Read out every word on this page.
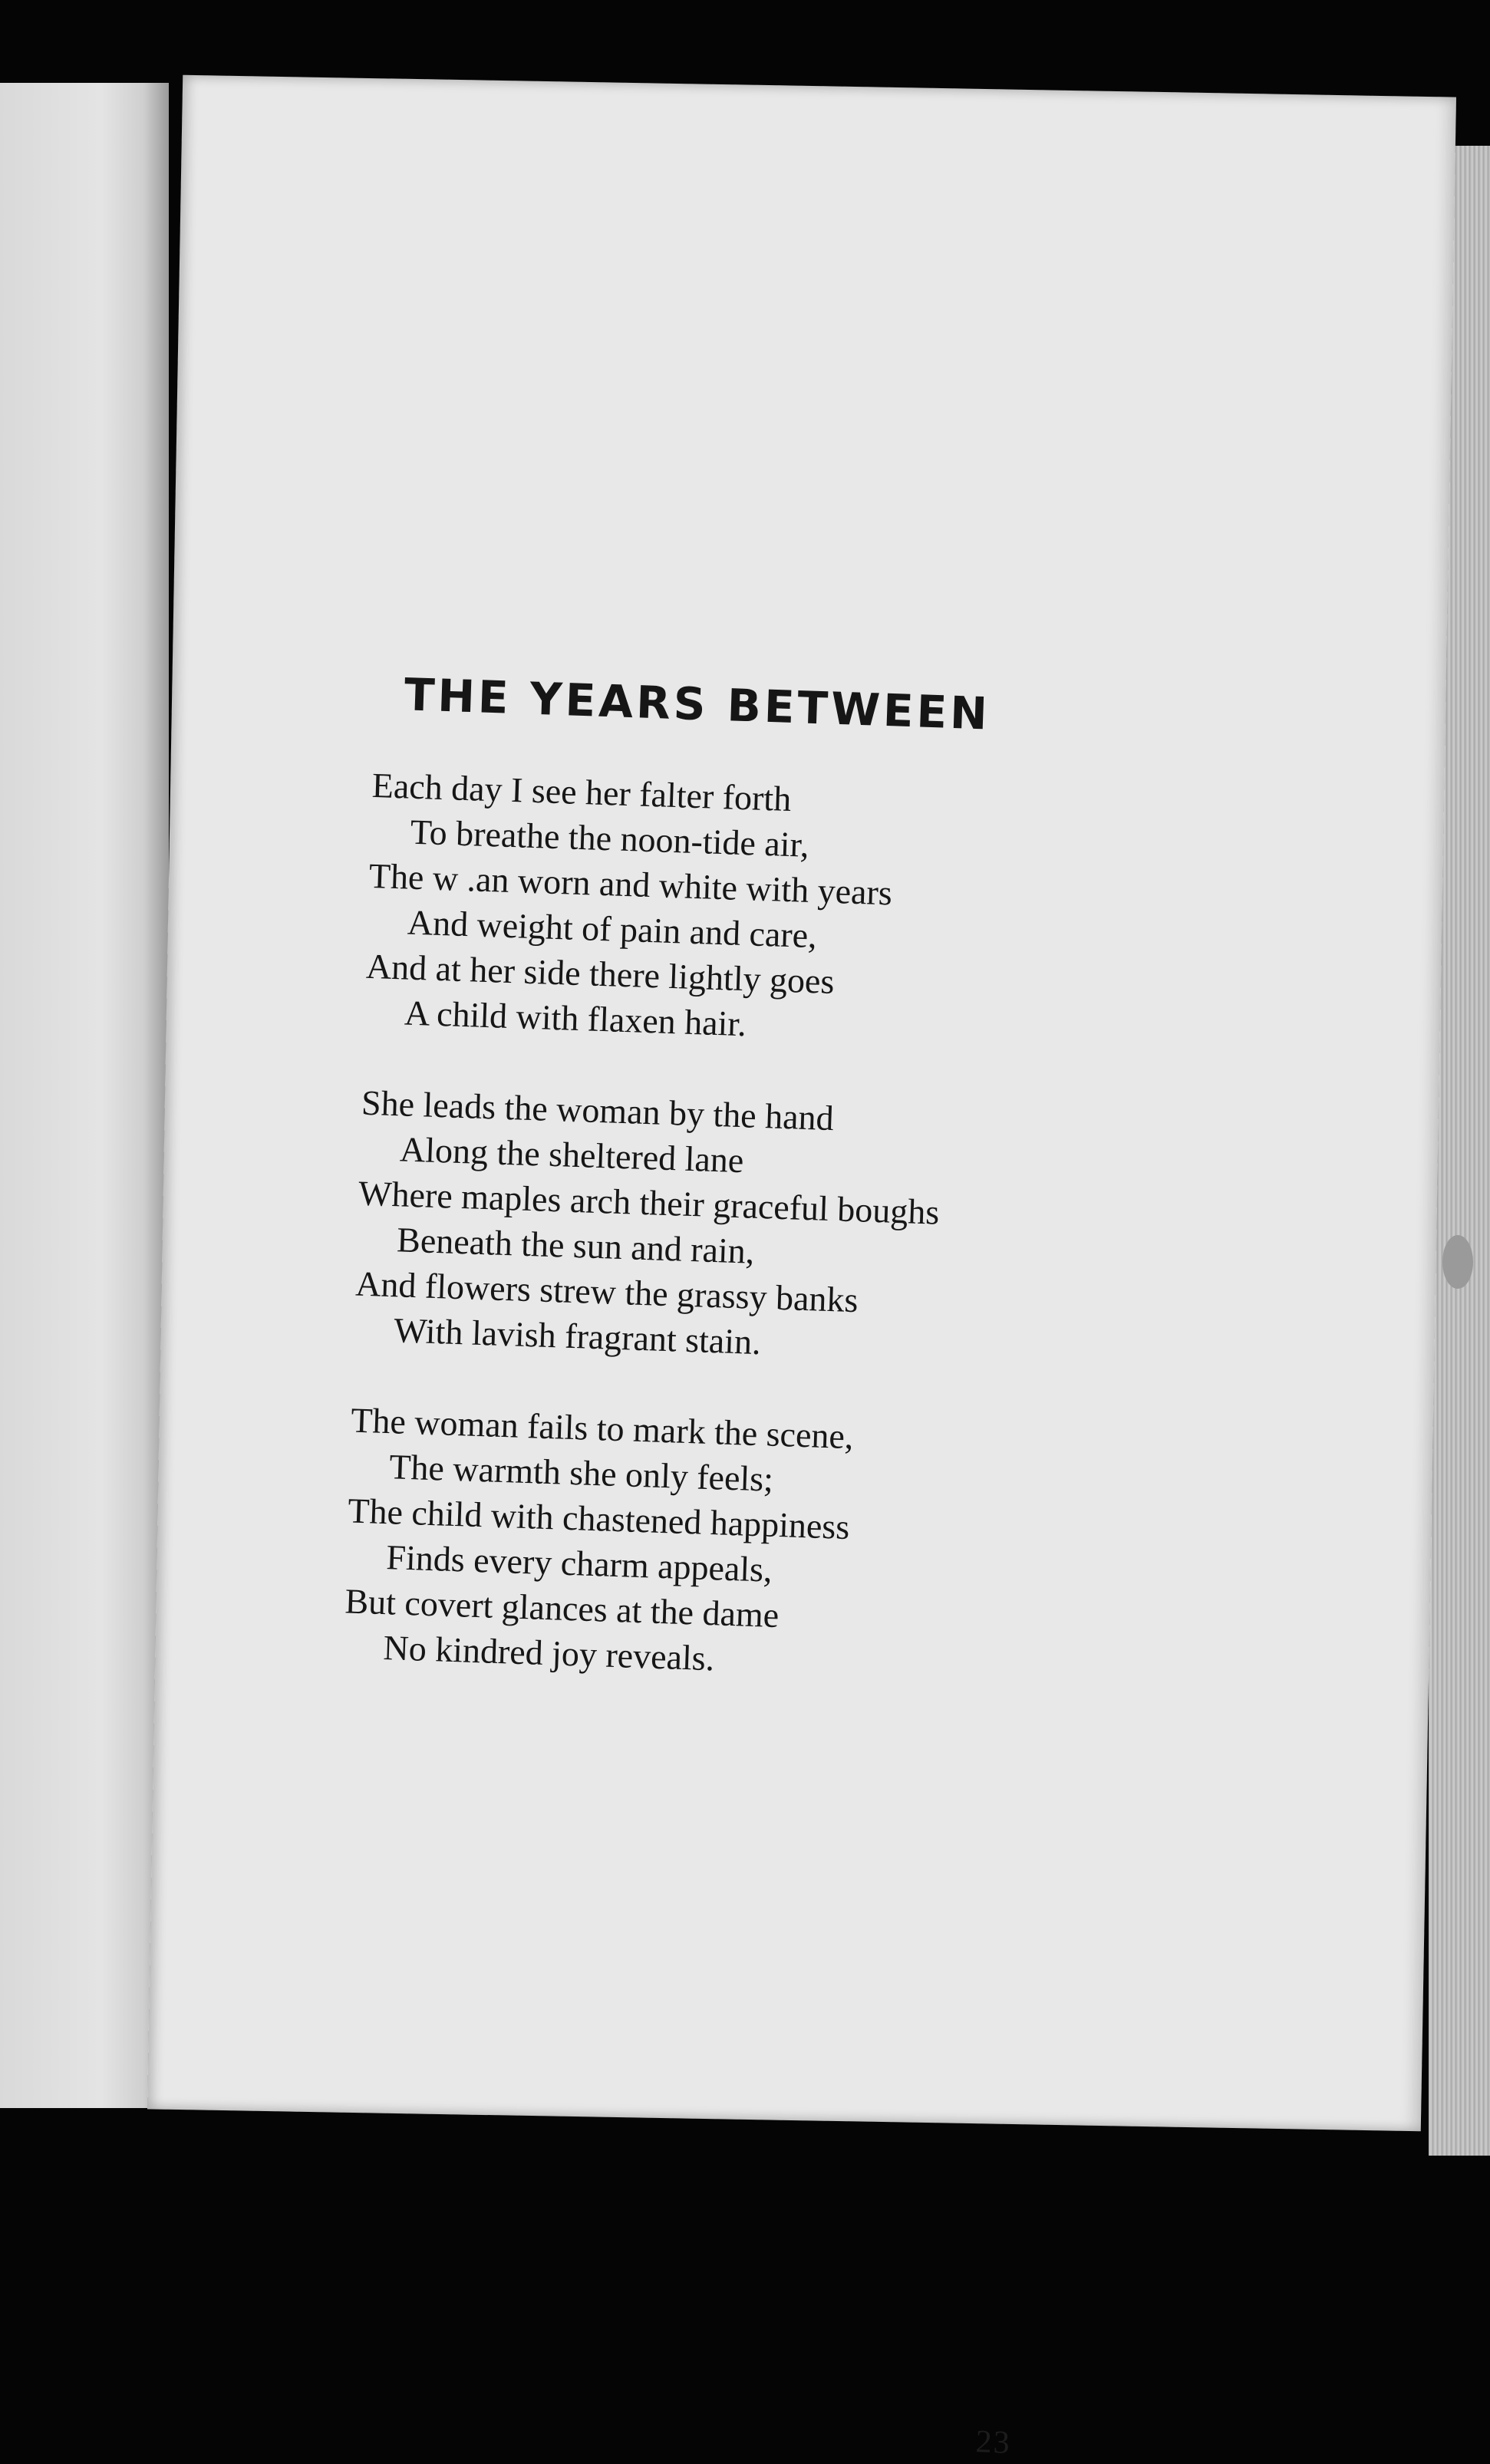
THE YEARS BETWEEN
Each day I see her falter forth
To breathe the noon-tide air,
The w .an worn and white with years
And weight of pain and care,
And at her side there lightly goes
A child with flaxen hair.
She leads the woman by the hand
Along the sheltered lane
Where maples arch their graceful boughs
Beneath the sun and rain,
And flowers strew the grassy banks
With lavish fragrant stain.
The woman fails to mark the scene,
The warmth she only feels;
The child with chastened happiness
Finds every charm appeals,
But covert glances at the dame
No kindred joy reveals.
23
